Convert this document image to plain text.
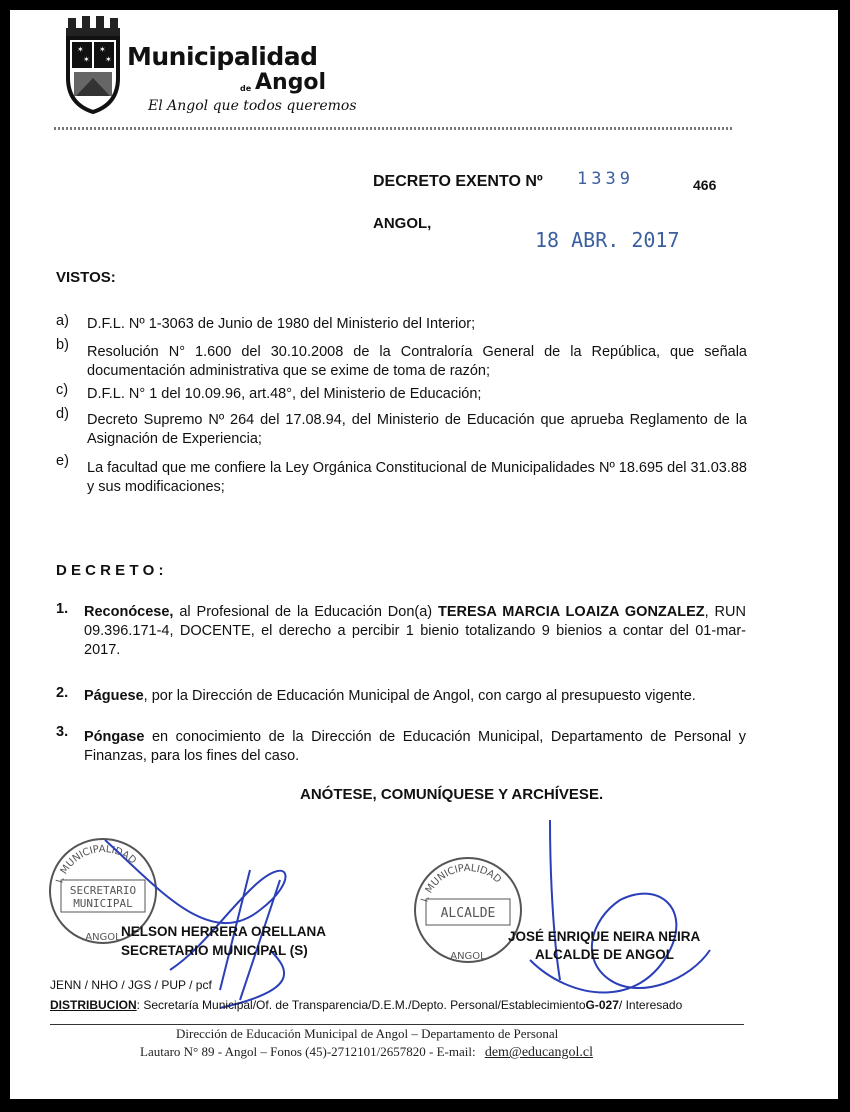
✶
✶
✶
✶ Municipalidad
de Angol
El Angol que todos queremos
DECRETO EXENTO Nº 1339	466
ANGOL,
18 ABR. 2017
VISTOS:
a) D.F.L. Nº 1-3063 de Junio de 1980 del Ministerio del Interior;
b) Resolución N° 1.600 del 30.10.2008 de la Contraloría General de la República, que señala documentación administrativa que se exime de toma de razón;
c) D.F.L. N° 1 del 10.09.96, art.48°, del Ministerio de Educación;
d) Decreto Supremo Nº 264 del 17.08.94, del Ministerio de Educación que aprueba Reglamento de la Asignación de Experiencia;
e) La facultad que me confiere la Ley Orgánica Constitucional de Municipalidades Nº 18.695 del 31.03.88 y sus modificaciones;
D E C R E T O :
1. Reconócese, al Profesional de la Educación Don(a) TERESA MARCIA LOAIZA GONZALEZ, RUN 09.396.171-4, DOCENTE, el derecho a percibir 1 bienio totalizando 9 bienios a contar del 01-mar-2017.
2. Páguese, por la Dirección de Educación Municipal de Angol, con cargo al presupuesto vigente.
3. Póngase en conocimiento de la Dirección de Educación Municipal, Departamento de Personal y Finanzas, para los fines del caso.
ANÓTESE, COMUNÍQUESE Y ARCHÍVESE.
I. MUNICIPALIDAD
ANGOL
SECRETARIO MUNICIPAL	I. MUNICIPALIDAD
ANGOL
ALCALDE
NELSON HERRERA ORELLANA
SECRETARIO MUNICIPAL (S)
JOSÉ ENRIQUE NEIRA NEIRA
ALCALDE DE ANGOL
JENN / NHO / JGS / PUP / pcf
DISTRIBUCION: Secretaría Municipal/Of. de Transparencia/D.E.M./Depto. Personal/EstablecimientoG-027/ Interesado
Dirección de Educación Municipal de Angol – Departamento de Personal
Lautaro N° 89 - Angol – Fonos (45)-2712101/2657820 - E-mail: dem@educangol.cl
